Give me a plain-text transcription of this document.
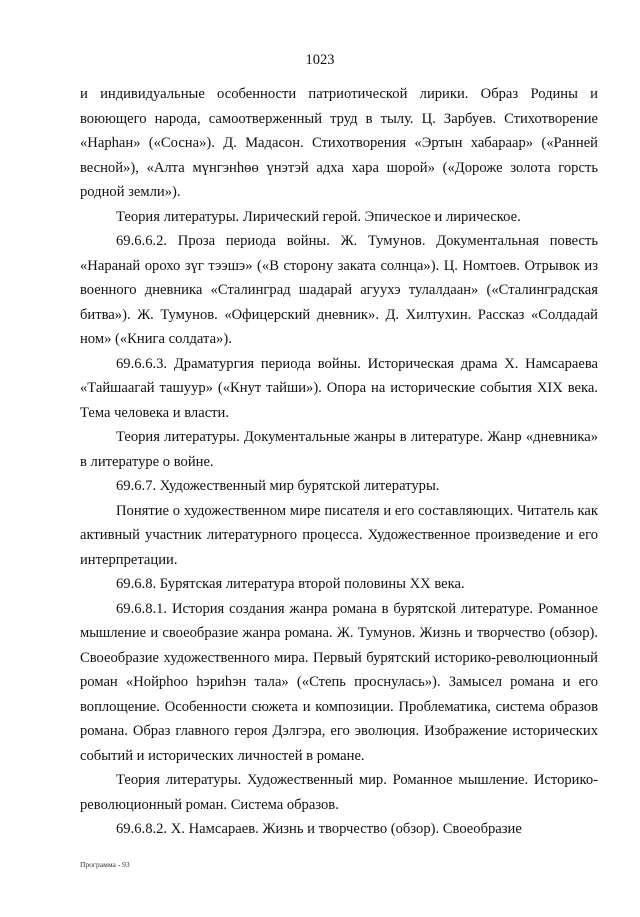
1023

и индивидуальные особенности патриотической лирики. Образ Родины и воюющего народа, самоотверженный труд в тылу. Ц. Зарбуев. Стихотворение «Нарһан» («Сосна»). Д. Мадасон. Стихотворения «Эртын хабараар» («Ранней весной»), «Алта мүнгэнһөө үнэтэй адха хара шорой» («Дороже золота горсть родной земли»).

Теория литературы. Лирический герой. Эпическое и лирическое.

69.6.6.2. Проза периода войны. Ж. Тумунов. Документальная повесть «Наранай орохо зүг тээшэ» («В сторону заката солнца»). Ц. Номтоев. Отрывок из военного дневника «Сталинград шадарай агуухэ тулалдаан» («Сталинградская битва»). Ж. Тумунов. «Офицерский дневник». Д. Хилтухин. Рассказ «Солдадай ном» («Книга солдата»).

69.6.6.3. Драматургия периода войны. Историческая драма Х. Намсараева «Тайшаагай ташуур» («Кнут тайши»). Опора на исторические события XIX века. Тема человека и власти.

Теория литературы. Документальные жанры в литературе. Жанр «дневника» в литературе о войне.

69.6.7. Художественный мир бурятской литературы.

Понятие о художественном мире писателя и его составляющих. Читатель как активный участник литературного процесса. Художественное произведение и его интерпретации.

69.6.8. Бурятская литература второй половины XX века.

69.6.8.1. История создания жанра романа в бурятской литературе. Романное мышление и своеобразие жанра романа. Ж. Тумунов. Жизнь и творчество (обзор). Своеобразие художественного мира. Первый бурятский историко-революционный роман «Нойрһоо һэриһэн тала» («Степь проснулась»). Замысел романа и его воплощение. Особенности сюжета и композиции. Проблематика, система образов романа. Образ главного героя Дэлгэра, его эволюция. Изображение исторических событий и исторических личностей в романе.

Теория литературы. Художественный мир. Романное мышление. Историко-революционный роман. Система образов.

69.6.8.2. Х. Намсараев. Жизнь и творчество (обзор). Своеобразие

Программа - 93
